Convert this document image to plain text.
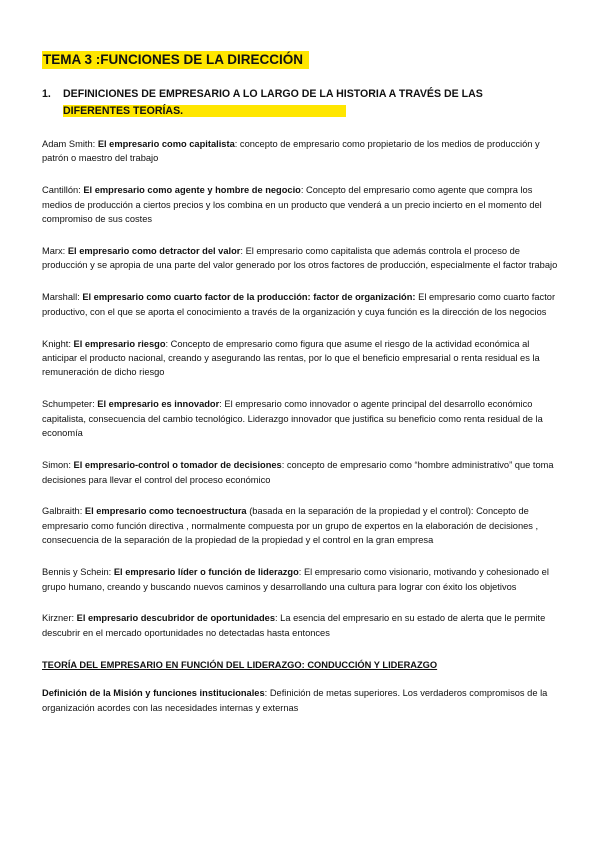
TEMA 3 :FUNCIONES DE LA DIRECCIÓN
1. DEFINICIONES DE EMPRESARIO A LO LARGO DE LA HISTORIA A TRAVÉS DE LAS
DIFERENTES TEORÍAS.

Adam Smith: El empresario como capitalista: concepto de empresario como propietario de los medios de producción y patrón o maestro del trabajo

Cantillón: El empresario como agente y hombre de negocio: Concepto del empresario como agente que compra los medios de producción a ciertos precios y los combina en un producto que venderá a un precio incierto en el momento del compromiso de sus costes

Marx: El empresario como detractor del valor: El empresario como capitalista que además controla el proceso de producción y se apropia de una parte del valor generado por los otros factores de producción, especialmente el factor trabajo

Marshall: El empresario como cuarto factor de la producción: factor de organización: El empresario como cuarto factor productivo, con el que se aporta el conocimiento a través de la organización y cuya función es la dirección de los negocios

Knight: El empresario riesgo: Concepto de empresario como figura que asume el riesgo de la actividad económica al anticipar el producto nacional, creando y asegurando las rentas, por lo que el beneficio empresarial o renta residual es la remuneración de dicho riesgo

Schumpeter: El empresario es innovador: El empresario como innovador o agente principal del desarrollo económico capitalista, consecuencia del cambio tecnológico. Liderazgo innovador que justifica su beneficio como renta residual de la economía

Simon: El empresario-control o tomador de decisiones: concepto de empresario como “hombre administrativo” que toma decisiones para llevar el control del proceso económico

Galbraith: El empresario como tecnoestructura (basada en la separación de la propiedad y el control): Concepto de empresario como función directiva , normalmente compuesta por un grupo de expertos en la elaboración de decisiones , consecuencia de la separación de la propiedad de la propiedad y el control en la gran empresa

Bennis y Schein: El empresario líder o función de liderazgo: El empresario como visionario, motivando y cohesionado el grupo humano, creando y buscando nuevos caminos y desarrollando una cultura para lograr con éxito los objetivos

Kirzner: El empresario descubridor de oportunidades: La esencia del empresario en su estado de alerta que le permite descubrir en el mercado oportunidades no detectadas hasta entonces

TEORÍA DEL EMPRESARIO EN FUNCIÓN DEL LIDERAZGO: CONDUCCIÓN Y LIDERAZGO

Definición de la Misión y funciones institucionales: Definición de metas superiores. Los verdaderos compromisos de la organización acordes con las necesidades internas y externas
